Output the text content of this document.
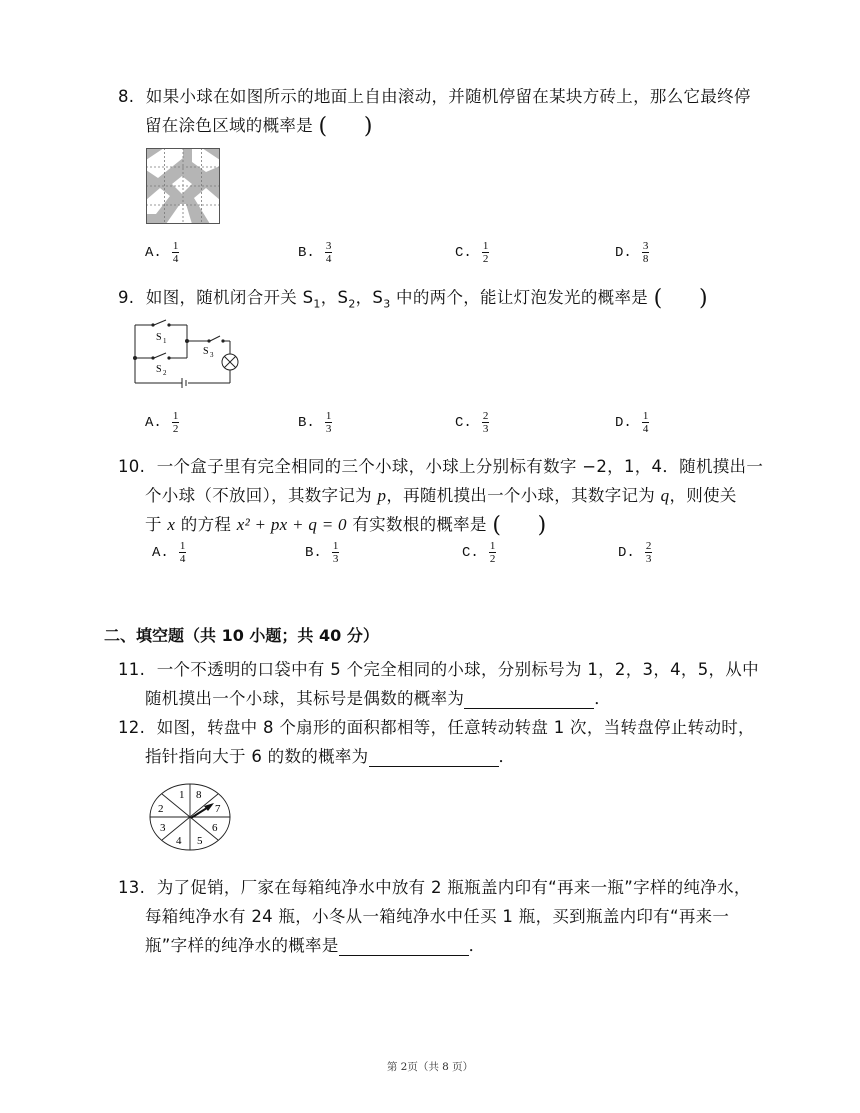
8. 如果小球在如图所示的地面上自由滚动，并随机停留在某块方砖上，那么它最终停
留在涂色区域的概率是 (     )
A. $\frac{1}{4}$	B. $\frac{3}{4}$	C. $\frac{1}{2}$	D. $\frac{3}{8}$
9. 如图，随机闭合开关 $S_1$，$S_2$，$S_3$ 中的两个，能让灯泡发光的概率是 (     )
S 1
S 2
S 3
A. $\frac{1}{2}$	B. $\frac{1}{3}$	C. $\frac{2}{3}$	D. $\frac{1}{4}$
10. 一个盒子里有完全相同的三个小球，小球上分别标有数字 −2，1，4．随机摸出一
个小球（不放回），其数字记为 p，再随机摸出一个小球，其数字记为 q，则使关
于 x 的方程 x² + px + q = 0 有实数根的概率是 (     )
A. $\frac{1}{4}$	B. $\frac{1}{3}$	C. $\frac{1}{2}$	D. $\frac{2}{3}$
二、填空题（共 10 小题；共 40 分）
11. 一个不透明的口袋中有 5 个完全相同的小球，分别标号为 1，2，3，4，5，从中
随机摸出一个小球，其标号是偶数的概率为	．
12. 如图，转盘中 8 个扇形的面积都相等，任意转动转盘 1 次，当转盘停止转动时，
指针指向大于 6 的数的概率为	．
1
2
3
4 5
6
7
8
13. 为了促销，厂家在每箱纯净水中放有 2 瓶瓶盖内印有“再来一瓶”字样的纯净水，
每箱纯净水有 24 瓶，小冬从一箱纯净水中任买 1 瓶，买到瓶盖内印有“再来一
瓶”字样的纯净水的概率是	．
第 2页（共 8 页）
